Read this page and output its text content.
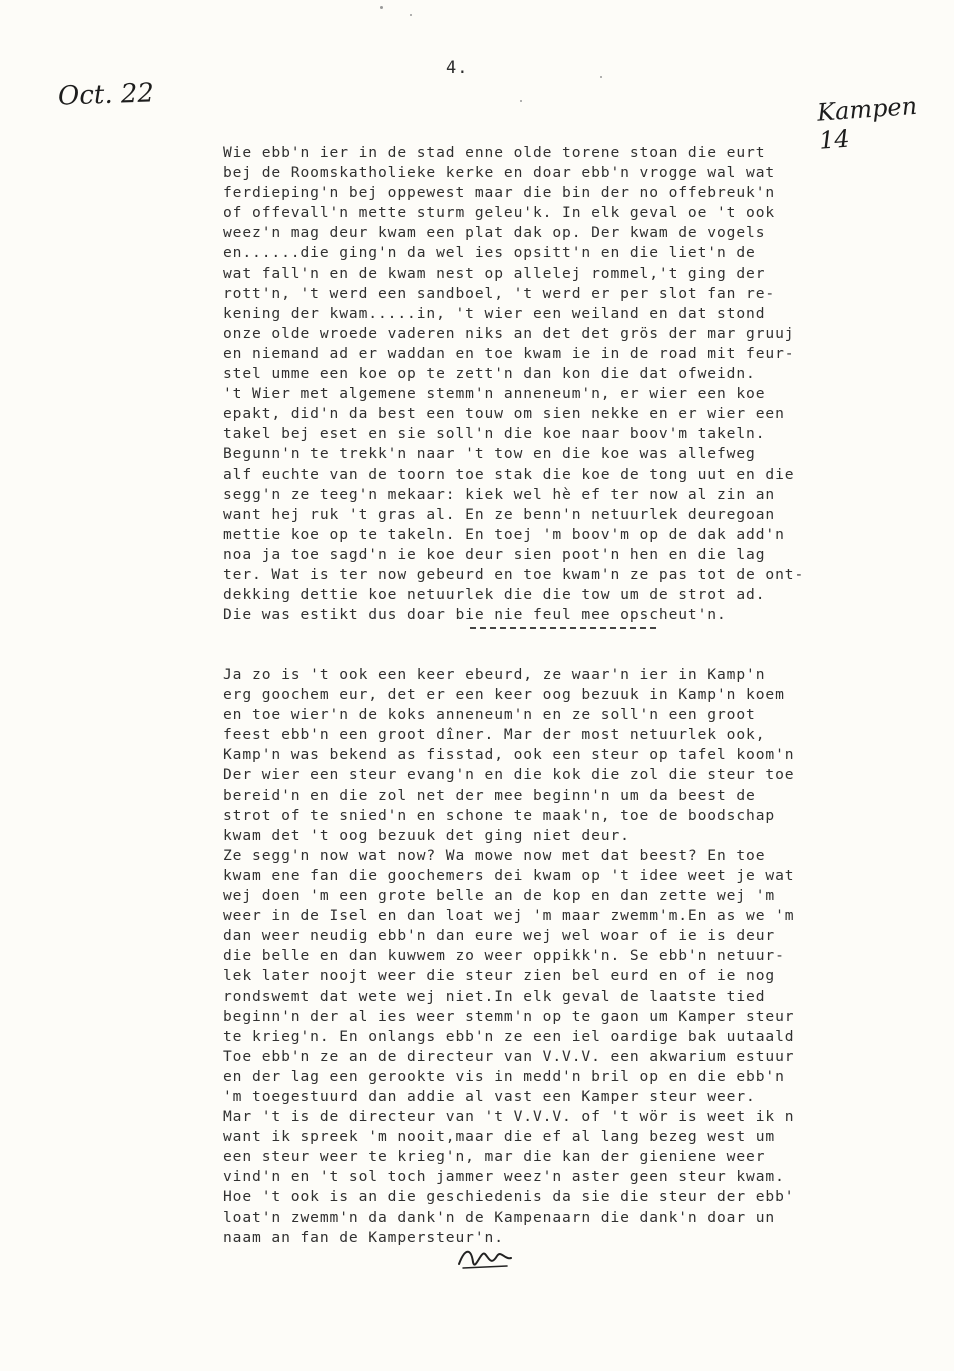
4.
Oct. 22	Kampen 14
Wie ebb'n ier in de stad enne olde torene stoan die eurt
bej de Roomskatholieke kerke en doar ebb'n vrogge wal wat
ferdieping'n bej oppewest maar die bin der no offebreuk'n
of offevall'n mette sturm geleu'k. In elk geval oe 't ook
weez'n mag deur kwam een plat dak op. Der kwam de vogels
en......die ging'n da wel ies opsitt'n en die liet'n de
wat fall'n en de kwam nest op allelej rommel,'t ging der
rott'n, 't werd een sandboel, 't werd er per slot fan re-
kening der kwam.....in, 't wier een weiland en dat stond
onze olde wroede vaderen niks an det det grös der mar gruuj
en niemand ad er waddan en toe kwam ie in de road mit feur-
stel umme een koe op te zett'n dan kon die dat ofweidn.
't Wier met algemene stemm'n anneneum'n, er wier een koe
epakt, did'n da best een touw om sien nekke en er wier een
takel bej eset en sie soll'n die koe naar boov'm takeln.
Begunn'n te trekk'n naar 't tow en die koe was allefweg
alf euchte van de toorn toe stak die koe de tong uut en die
segg'n ze teeg'n mekaar: kiek wel hè ef ter now al zin an
want hej ruk 't gras al. En ze benn'n netuurlek deuregoan
mettie koe op te takeln. En toej 'm boov'm op de dak add'n
noa ja toe sagd'n ie koe deur sien poot'n hen en die lag
ter. Wat is ter now gebeurd en toe kwam'n ze pas tot de ont-
dekking dettie koe netuurlek die die tow um de strot ad.
Die was estikt dus doar bie nie feul mee opscheut'n.
Ja zo is 't ook een keer ebeurd, ze waar'n ier in Kamp'n
erg goochem eur, det er een keer oog bezuuk in Kamp'n koem
en toe wier'n de koks anneneum'n en ze soll'n een groot
feest ebb'n een groot dîner. Mar der most netuurlek ook,
Kamp'n was bekend as fisstad, ook een steur op tafel koom'n
Der wier een steur evang'n en die kok die zol die steur toe
bereid'n en die zol net der mee beginn'n um da beest de
strot of te snied'n en schone te maak'n, toe de boodschap
kwam det 't oog bezuuk det ging niet deur.
Ze segg'n now wat now? Wa mowe now met dat beest? En toe
kwam ene fan die goochemers dei kwam op 't idee weet je wat
wej doen 'm een grote belle an de kop en dan zette wej 'm
weer in de Isel en dan loat wej 'm maar zwemm'm.En as we 'm
dan weer neudig ebb'n dan eure wej wel woar of ie is deur
die belle en dan kuwwem zo weer oppikk'n. Se ebb'n netuur-
lek later noojt weer die steur zien bel eurd en of ie nog
rondswemt dat wete wej niet.In elk geval de laatste tied
beginn'n der al ies weer stemm'n op te gaon um Kamper steur
te krieg'n. En onlangs ebb'n ze een iel oardige bak uutaald
Toe ebb'n ze an de directeur van V.V.V. een akwarium estuur
en der lag een gerookte vis in medd'n bril op en die ebb'n
'm toegestuurd dan addie al vast een Kamper steur weer.
Mar 't is de directeur van 't V.V.V. of 't wör is weet ik n
want ik spreek 'm nooit,maar die ef al lang bezeg west um
een steur weer te krieg'n, mar die kan der gieniene weer
vind'n en 't sol toch jammer weez'n aster geen steur kwam.
Hoe 't ook is an die geschiedenis da sie die steur der ebb'
loat'n zwemm'n da dank'n de Kampenaarn die dank'n doar un
naam an fan de Kampersteur'n.
